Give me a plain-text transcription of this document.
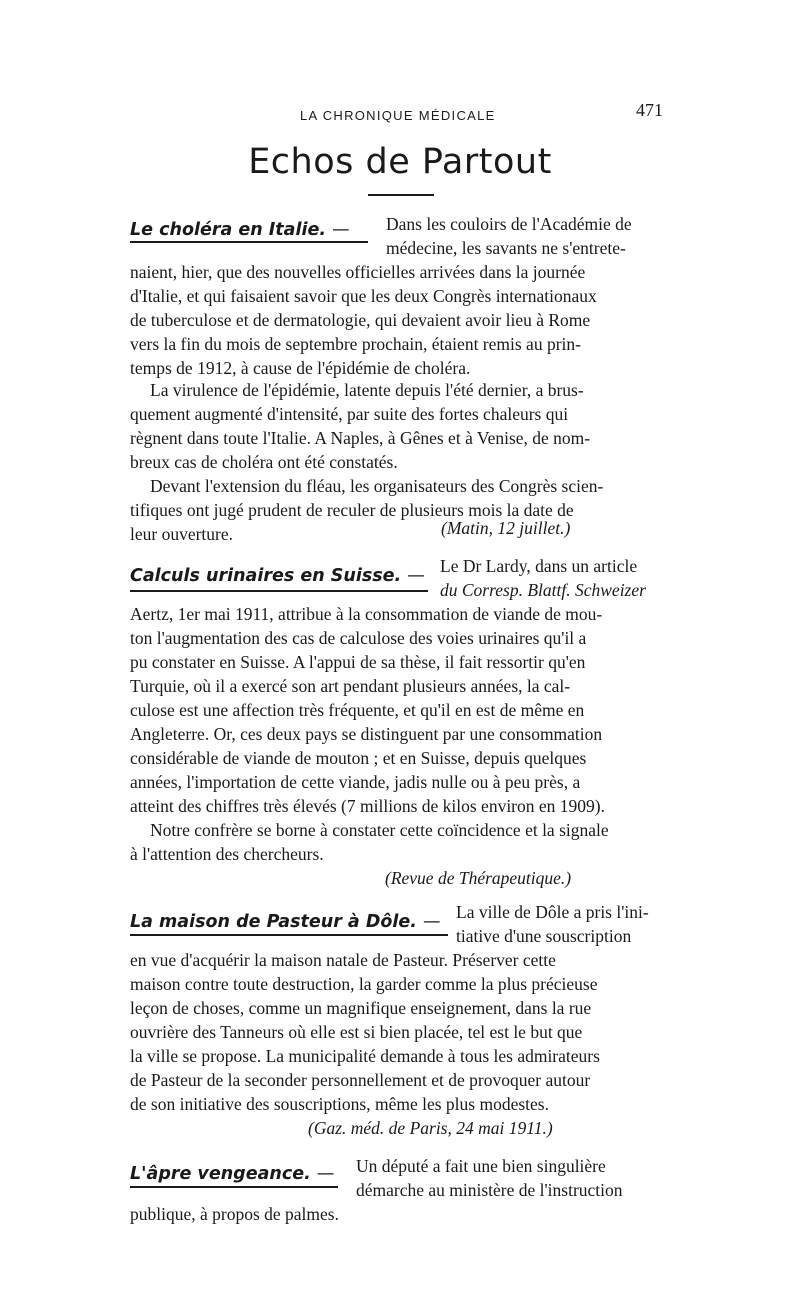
LA CHRONIQUE MÉDICALE	471
Echos de Partout
Le choléra en Italie. — Dans les couloirs de l'Académie de
médecine, les savants ne s'entrete-
naient, hier, que des nouvelles officielles arrivées dans la journée
d'Italie, et qui faisaient savoir que les deux Congrès internationaux
de tuberculose et de dermatologie, qui devaient avoir lieu à Rome
vers la fin du mois de septembre prochain, étaient remis au prin-
temps de 1912, à cause de l'épidémie de choléra.
La virulence de l'épidémie, latente depuis l'été dernier, a brus-
quement augmenté d'intensité, par suite des fortes chaleurs qui
règnent dans toute l'Italie. A Naples, à Gênes et à Venise, de nom-
breux cas de choléra ont été constatés.
Devant l'extension du fléau, les organisateurs des Congrès scien-
tifiques ont jugé prudent de reculer de plusieurs mois la date de
leur ouverture.	(Matin, 12 juillet.)
Calculs urinaires en Suisse. — Le Dr Lardy, dans un article
du Corresp. Blattf. Schweizer
Aertz, 1er mai 1911, attribue à la consommation de viande de mou-
ton l'augmentation des cas de calculose des voies urinaires qu'il a
pu constater en Suisse. A l'appui de sa thèse, il fait ressortir qu'en
Turquie, où il a exercé son art pendant plusieurs années, la cal-
culose est une affection très fréquente, et qu'il en est de même en
Angleterre. Or, ces deux pays se distinguent par une consommation
considérable de viande de mouton ; et en Suisse, depuis quelques
années, l'importation de cette viande, jadis nulle ou à peu près, a
atteint des chiffres très élevés (7 millions de kilos environ en 1909).
Notre confrère se borne à constater cette coïncidence et la signale
à l'attention des chercheurs.
(Revue de Thérapeutique.)
La maison de Pasteur à Dôle. — La ville de Dôle a pris l'ini-
tiative d'une souscription
en vue d'acquérir la maison natale de Pasteur. Préserver cette
maison contre toute destruction, la garder comme la plus précieuse
leçon de choses, comme un magnifique enseignement, dans la rue
ouvrière des Tanneurs où elle est si bien placée, tel est le but que
la ville se propose. La municipalité demande à tous les admirateurs
de Pasteur de la seconder personnellement et de provoquer autour
de son initiative des souscriptions, même les plus modestes.
(Gaz. méd. de Paris, 24 mai 1911.)
L'âpre vengeance. — Un député a fait une bien singulière
démarche au ministère de l'instruction
publique, à propos de palmes.
